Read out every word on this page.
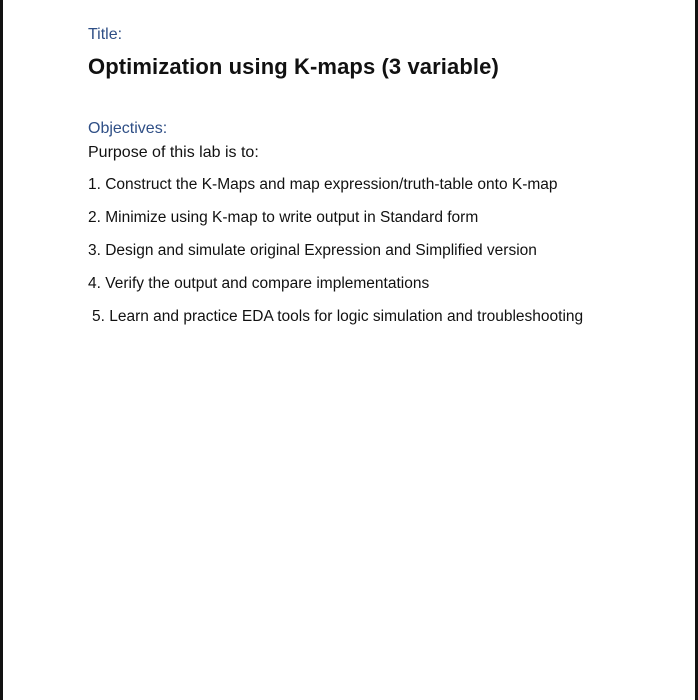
Title:

Optimization using K-maps (3 variable)

Objectives:

Purpose of this lab is to:

1. Construct the K-Maps and map expression/truth-table onto K-map
2. Minimize using K-map to write output in Standard form
3. Design and simulate original Expression and Simplified version
4. Verify the output and compare implementations
5. Learn and practice EDA tools for logic simulation and troubleshooting
